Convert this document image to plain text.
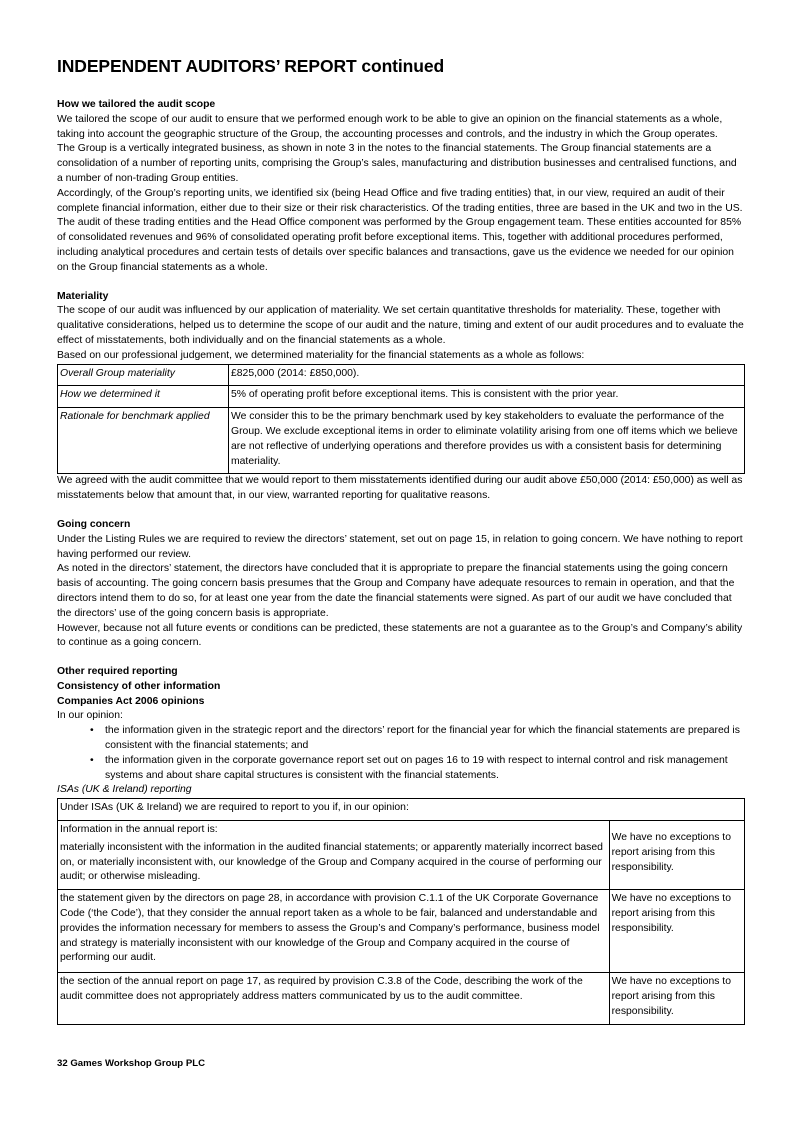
INDEPENDENT AUDITORS’ REPORT continued
How we tailored the audit scope

We tailored the scope of our audit to ensure that we performed enough work to be able to give an opinion on the financial statements as a whole, taking into account the geographic structure of the Group, the accounting processes and controls, and the industry in which the Group operates.

The Group is a vertically integrated business, as shown in note 3 in the notes to the financial statements. The Group financial statements are a consolidation of a number of reporting units, comprising the Group’s sales, manufacturing and distribution businesses and centralised functions, and a number of non-trading Group entities.

Accordingly, of the Group’s reporting units, we identified six (being Head Office and five trading entities) that, in our view, required an audit of their complete financial information, either due to their size or their risk characteristics. Of the trading entities, three are based in the UK and two in the US. The audit of these trading entities and the Head Office component was performed by the Group engagement team. These entities accounted for 85% of consolidated revenues and 96% of consolidated operating profit before exceptional items. This, together with additional procedures performed, including analytical procedures and certain tests of details over specific balances and transactions, gave us the evidence we needed for our opinion on the Group financial statements as a whole.

Materiality

The scope of our audit was influenced by our application of materiality. We set certain quantitative thresholds for materiality. These, together with qualitative considerations, helped us to determine the scope of our audit and the nature, timing and extent of our audit procedures and to evaluate the effect of misstatements, both individually and on the financial statements as a whole.

Based on our professional judgement, we determined materiality for the financial statements as a whole as follows:

Overall Group materiality	£825,000 (2014: £850,000).
How we determined it	5% of operating profit before exceptional items. This is consistent with the prior year.
Rationale for benchmark applied	We consider this to be the primary benchmark used by key stakeholders to evaluate the performance of the Group. We exclude exceptional items in order to eliminate volatility arising from one off items which we believe are not reflective of underlying operations and therefore provides us with a consistent basis for determining materiality.

We agreed with the audit committee that we would report to them misstatements identified during our audit above £50,000 (2014: £50,000) as well as misstatements below that amount that, in our view, warranted reporting for qualitative reasons.

Going concern

Under the Listing Rules we are required to review the directors’ statement, set out on page 15, in relation to going concern. We have nothing to report having performed our review.

As noted in the directors’ statement, the directors have concluded that it is appropriate to prepare the financial statements using the going concern basis of accounting. The going concern basis presumes that the Group and Company have adequate resources to remain in operation, and that the directors intend them to do so, for at least one year from the date the financial statements were signed. As part of our audit we have concluded that the directors’ use of the going concern basis is appropriate.

However, because not all future events or conditions can be predicted, these statements are not a guarantee as to the Group’s and Company’s ability to continue as a going concern.

Other required reporting
Consistency of other information
Companies Act 2006 opinions

In our opinion:

• the information given in the strategic report and the directors’ report for the financial year for which the financial statements are prepared is consistent with the financial statements; and
• the information given in the corporate governance report set out on pages 16 to 19 with respect to internal control and risk management systems and about share capital structures is consistent with the financial statements.

ISAs (UK & Ireland) reporting

Under ISAs (UK & Ireland) we are required to report to you if, in our opinion:	

Information in the annual report is:
materially inconsistent with the information in the audited financial statements; or apparently materially incorrect based on, or materially inconsistent with, our knowledge of the Group and Company acquired in the course of performing our audit; or otherwise misleading.	We have no exceptions to report arising from this responsibility.

the statement given by the directors on page 28, in accordance with provision C.1.1 of the UK Corporate Governance Code (‘the Code’), that they consider the annual report taken as a whole to be fair, balanced and understandable and provides the information necessary for members to assess the Group’s and Company’s performance, business model and strategy is materially inconsistent with our knowledge of the Group and Company acquired in the course of performing our audit.	We have no exceptions to report arising from this responsibility.

the section of the annual report on page 17, as required by provision C.3.8 of the Code, describing the work of the audit committee does not appropriately address matters communicated by us to the audit committee.	We have no exceptions to report arising from this responsibility.
32 Games Workshop Group PLC
